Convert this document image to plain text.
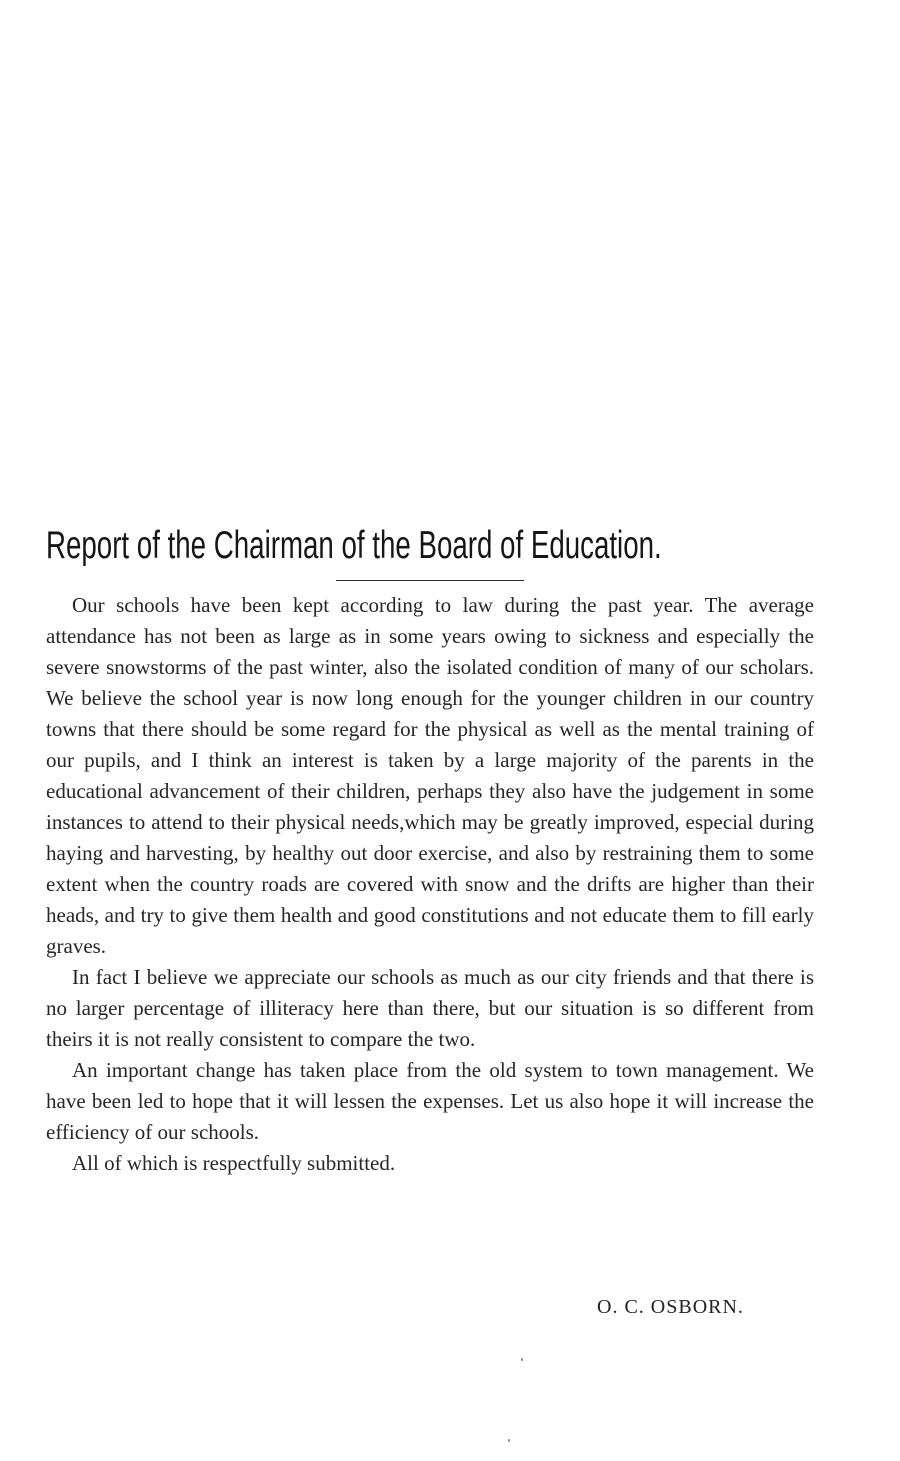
Report of the Chairman of the Board of Education.

Our schools have been kept according to law during the past year. The average attendance has not been as large as in some years owing to sickness and especially the severe snowstorms of the past winter, also the isolated condition of many of our scholars. We believe the school year is now long enough for the younger children in our country towns that there should be some regard for the physical as well as the mental training of our pupils, and I think an interest is taken by a large majority of the parents in the educational advancement of their children, perhaps they also have the judgement in some instances to attend to their physical needs,which may be greatly improved, especial during haying and harvesting, by healthy out door exercise, and also by restraining them to some extent when the country roads are covered with snow and the drifts are higher than their heads, and try to give them health and good constitutions and not educate them to fill early graves.

In fact I believe we appreciate our schools as much as our city friends and that there is no larger percentage of illiteracy here than there, but our situation is so different from theirs it is not really consistent to compare the two.

An important change has taken place from the old system to town management. We have been led to hope that it will lessen the expenses. Let us also hope it will increase the efficiency of our schools.

All of which is respectfully submitted.

O. C. OSBORN.
